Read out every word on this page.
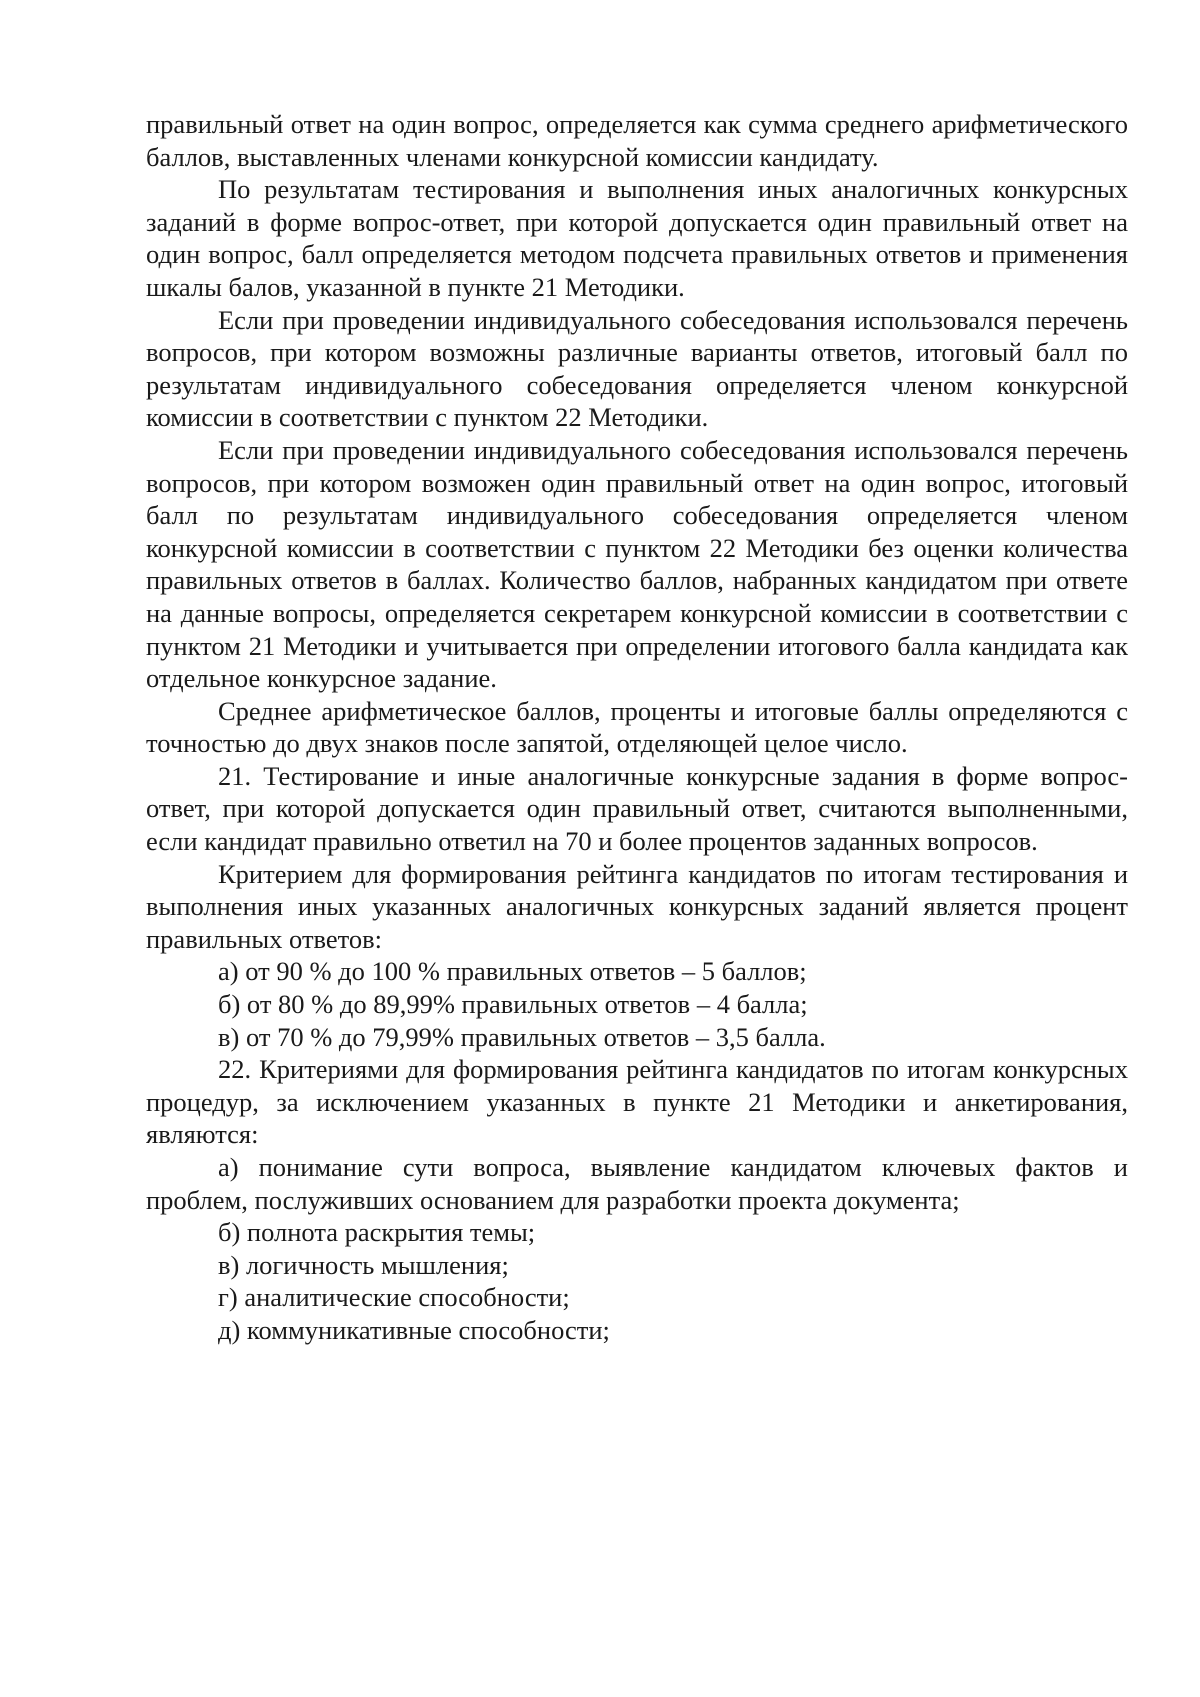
правильный ответ на один вопрос, определяется как сумма среднего арифметического баллов, выставленных членами конкурсной комиссии кандидату.

По результатам тестирования и выполнения иных аналогичных конкурсных заданий в форме вопрос-ответ, при которой допускается один правильный ответ на один вопрос, балл определяется методом подсчета правильных ответов и применения шкалы балов, указанной в пункте 21 Методики.

Если при проведении индивидуального собеседования использовался перечень вопросов, при котором возможны различные варианты ответов, итоговый балл по результатам индивидуального собеседования определяется членом конкурсной комиссии в соответствии с пунктом 22 Методики.

Если при проведении индивидуального собеседования использовался перечень вопросов, при котором возможен один правильный ответ на один вопрос, итоговый балл по результатам индивидуального собеседования определяется членом конкурсной комиссии в соответствии с пунктом 22 Методики без оценки количества правильных ответов в баллах. Количество баллов, набранных кандидатом при ответе на данные вопросы, определяется секретарем конкурсной комиссии в соответствии с пунктом 21 Методики и учитывается при определении итогового балла кандидата как отдельное конкурсное задание.

Среднее арифметическое баллов, проценты и итоговые баллы определяются с точностью до двух знаков после запятой, отделяющей целое число.

21. Тестирование и иные аналогичные конкурсные задания в форме вопрос-ответ, при которой допускается один правильный ответ, считаются выполненными, если кандидат правильно ответил на 70 и более процентов заданных вопросов.

Критерием для формирования рейтинга кандидатов по итогам тестирования и выполнения иных указанных аналогичных конкурсных заданий является процент правильных ответов:

а) от 90 % до 100 % правильных ответов – 5 баллов;

б) от 80 % до 89,99% правильных ответов – 4 балла;

в) от 70 % до 79,99% правильных ответов – 3,5 балла.

22. Критериями для формирования рейтинга кандидатов по итогам конкурсных процедур, за исключением указанных в пункте 21 Методики и анкетирования, являются:

а) понимание сути вопроса, выявление кандидатом ключевых фактов и проблем, послуживших основанием для разработки проекта документа;

б) полнота раскрытия темы;

в) логичность мышления;

г) аналитические способности;

д) коммуникативные способности;
